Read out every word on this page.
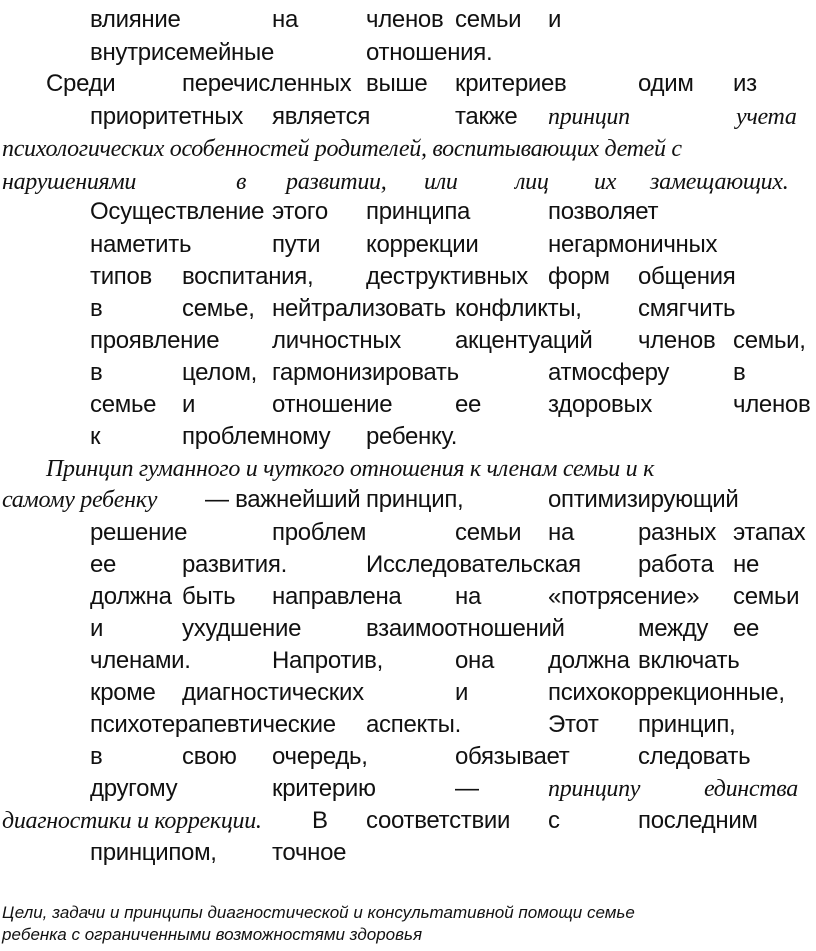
влияние	на	членов семьи и
внутрисемейные	отношения.
Среди	перечисленных выше критериев	одим из
приоритетных является	также принцип	учета
психологических особенностей родителей, воспитывающих детей с
нарушениями	в развитии, или лиц их замещающих.
Осуществление этого принципа	позволяет
наметить	пути коррекции	негармоничных
типов воспитания, деструктивных форм общения
в	семье, нейтрализовать конфликты, смягчить
проявление личностных акцентуаций членов семьи,
в	целом, гармонизировать	атмосферу	в
семье и	отношение	ее	здоровых	членов
к	проблемному ребенку.
Принцип гуманного и чуткого отношения к членам семьи и к
самому ребенку — важнейший принцип,	оптимизирующий
решение	проблем	семьи на	разных этапах
ее	развития.	Исследовательская работа не
должна быть направлена на	«потрясение» семьи
и	ухудшение	взаимоотношений	между ее
членами.	Напротив,	она должна включать
кроме диагностических	и	психокоррекционные,
психотерапевтические аспекты.	Этот принцип,
в	свою очередь,	обязывает	следовать
другому	критерию	—	принципу	единства
диагностики и коррекции. В соответствии с	последним
принципом, точное
Цели, задачи и принципы диагностической и консультативной помощи семье
ребенка с ограниченными возможностями здоровья
